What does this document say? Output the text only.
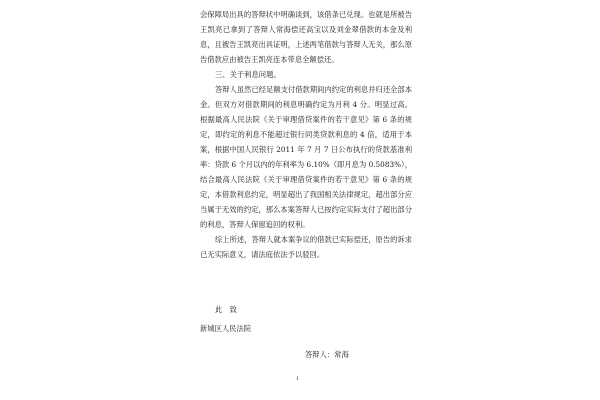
会保障局出具的答辩状中明确谈到，该借条已兑现。也就是所被告王凯亮已拿到了答辩人常海偿还高宝以及刘金翠借款的本金及利息，且被告王凯亮出具证明，上述两笔借款与答辩人无关，那么原告借款应由被告王凯亮连本带息全额偿还。

三、关于利息问题。

答辩人虽然已经足额支付借款期间内约定的利息并归还全部本金。但双方对借款期间的利息明确约定为月利 4 分。明显过高。根据最高人民法院《关于审理借贷案件的若干意见》第 6 条的规定，即约定的利息不能超过银行同类贷款利息的 4 倍，适用于本案，根据中国人民银行 2011 年 7 月 7 日公布执行的贷款基准利率：贷款 6 个月以内的年利率为 6.10%（即月息为 0.5083%），结合最高人民法院《关于审理借贷案件的若干意见》第 6 条的规定，本借款利息约定，明显超出了我国相关法律规定，超出部分应当属于无效的约定，那么本案答辩人已按约定实际支付了超出部分的利息，答辩人保留追回的权利。

综上所述，答辩人就本案争议的借款已实际偿还，原告的诉求已无实际意义，请法庭依法予以驳回。

此　致
新城区人民法院
答辩人：常海
1
